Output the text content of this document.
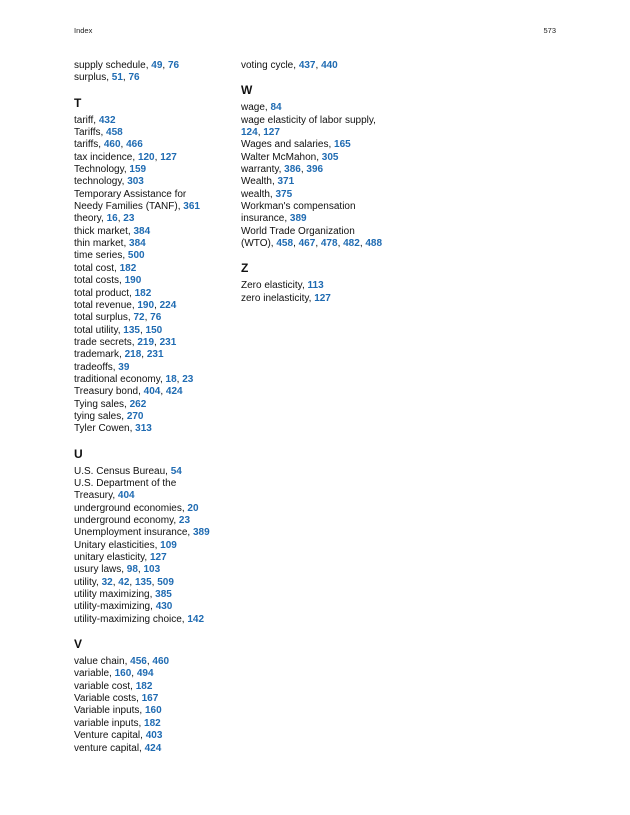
Index	573
supply schedule, 49, 76
surplus, 51, 76
T
tariff, 432
Tariffs, 458
tariffs, 460, 466
tax incidence, 120, 127
Technology, 159
technology, 303
Temporary Assistance for
Needy Families (TANF), 361
theory, 16, 23
thick market, 384
thin market, 384
time series, 500
total cost, 182
total costs, 190
total product, 182
total revenue, 190, 224
total surplus, 72, 76
total utility, 135, 150
trade secrets, 219, 231
trademark, 218, 231
tradeoffs, 39
traditional economy, 18, 23
Treasury bond, 404, 424
Tying sales, 262
tying sales, 270
Tyler Cowen, 313
U
U.S. Census Bureau, 54
U.S. Department of the
Treasury, 404
underground economies, 20
underground economy, 23
Unemployment insurance, 389
Unitary elasticities, 109
unitary elasticity, 127
usury laws, 98, 103
utility, 32, 42, 135, 509
utility maximizing, 385
utility-maximizing, 430
utility-maximizing choice, 142
V
value chain, 456, 460
variable, 160, 494
variable cost, 182
Variable costs, 167
Variable inputs, 160
variable inputs, 182
Venture capital, 403
venture capital, 424
voting cycle, 437, 440
W
wage, 84
wage elasticity of labor supply,
124, 127
Wages and salaries, 165
Walter McMahon, 305
warranty, 386, 396
Wealth, 371
wealth, 375
Workman's compensation
insurance, 389
World Trade Organization
(WTO), 458, 467, 478, 482, 488
Z
Zero elasticity, 113
zero inelasticity, 127
